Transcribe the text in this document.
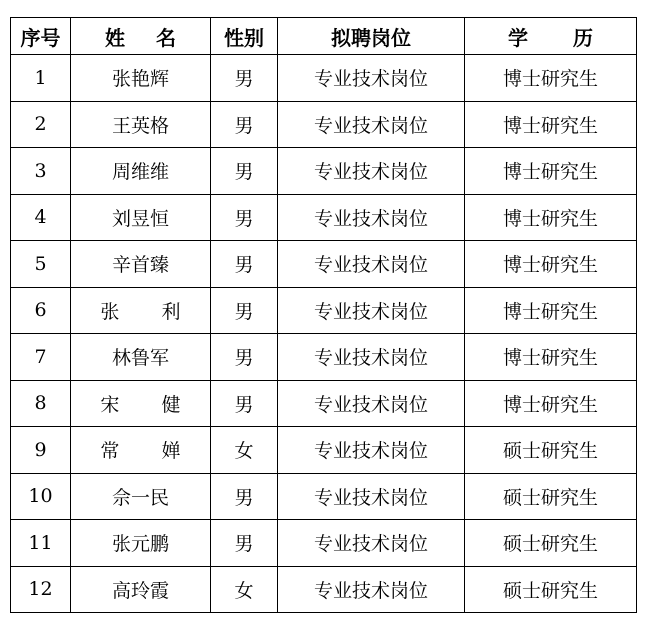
序号	姓 名	性别	拟聘岗位	学 历
1	张艳辉	男	专业技术岗位	博士研究生
2	王英格	男	专业技术岗位	博士研究生
3	周维维	男	专业技术岗位	博士研究生
4	刘昱恒	男	专业技术岗位	博士研究生
5	辛首臻	男	专业技术岗位	博士研究生
6	张 利	男	专业技术岗位	博士研究生
7	林鲁军	男	专业技术岗位	博士研究生
8	宋 健	男	专业技术岗位	博士研究生
9	常 婵	女	专业技术岗位	硕士研究生
10	佘一民	男	专业技术岗位	硕士研究生
11	张元鹏	男	专业技术岗位	硕士研究生
12	高玲霞	女	专业技术岗位	硕士研究生
